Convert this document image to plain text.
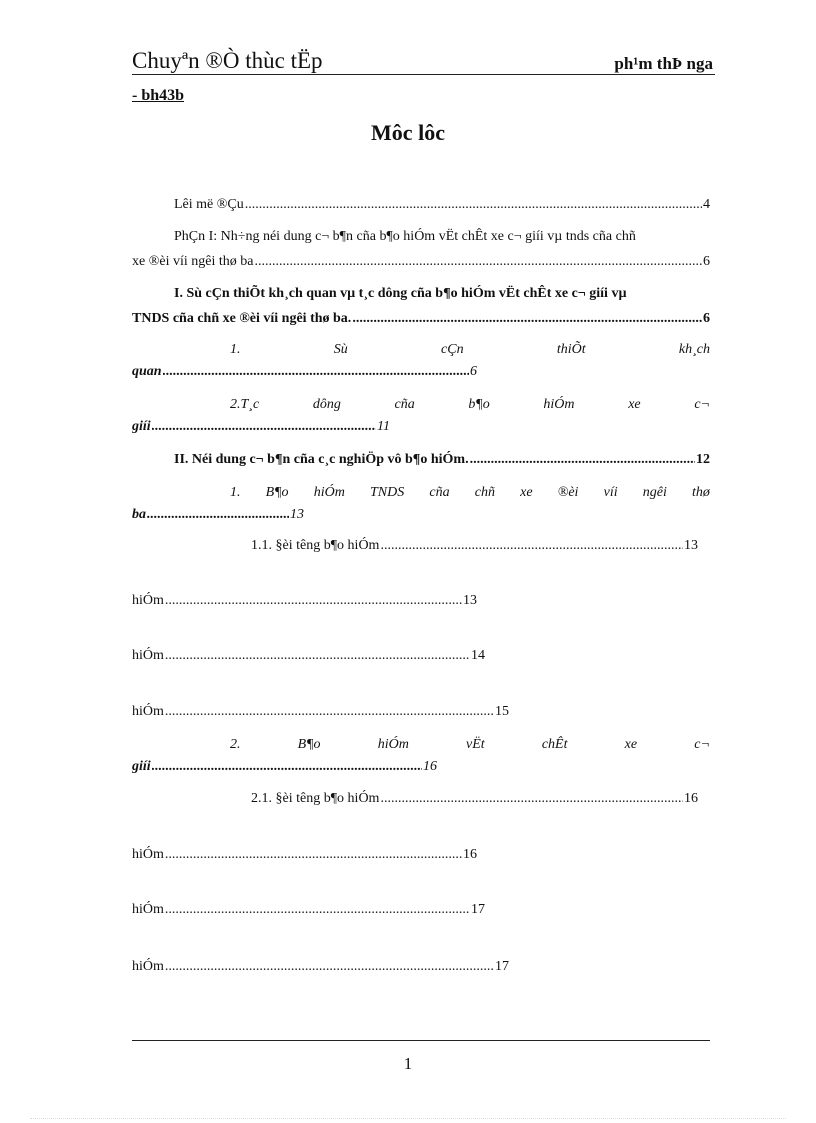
Chuyªn ®Ò thùc tËp	ph¹m thÞ nga
- bh43b
Môc lôc
Lêi më ®Çu .....	4
PhÇn I: Nh÷ng néi dung c¬ b¶n cña b¶o hiÓm vËt chÊt xe c¬ giíi vµ tnds cña chñ
xe ®èi víi ngêi thø ba .....	6
I. Sù cÇn thiÕt kh¸ch quan vµ t¸c dông cña b¶o hiÓm vËt chÊt xe c¬ giíi vµ
TNDS cña chñ xe ®èi víi ngêi thø ba. .....	6
1.	Sù	cÇn	thiÕt	kh¸ch
quan .....	6
2.T¸c	dông	cña	b¶o	hiÓm	xe	c¬
giíi .....	11
II. Néi dung c¬ b¶n cña c¸c nghiÖp vô b¶o hiÓm. .....	12
1. B¶o hiÓm TNDS cña chñ xe ®èi víi ngêi thø
ba .....	13
1.1. §èi têng b¶o hiÓm .....	13
hiÓm .....	13
hiÓm .....	14
hiÓm .....	15
2.	B¶o	hiÓm	vËt	chÊt	xe	c¬
giíi .....	16
2.1. §èi têng b¶o hiÓm .....	16
hiÓm .....	16
hiÓm .....	17
hiÓm .....	17
1
